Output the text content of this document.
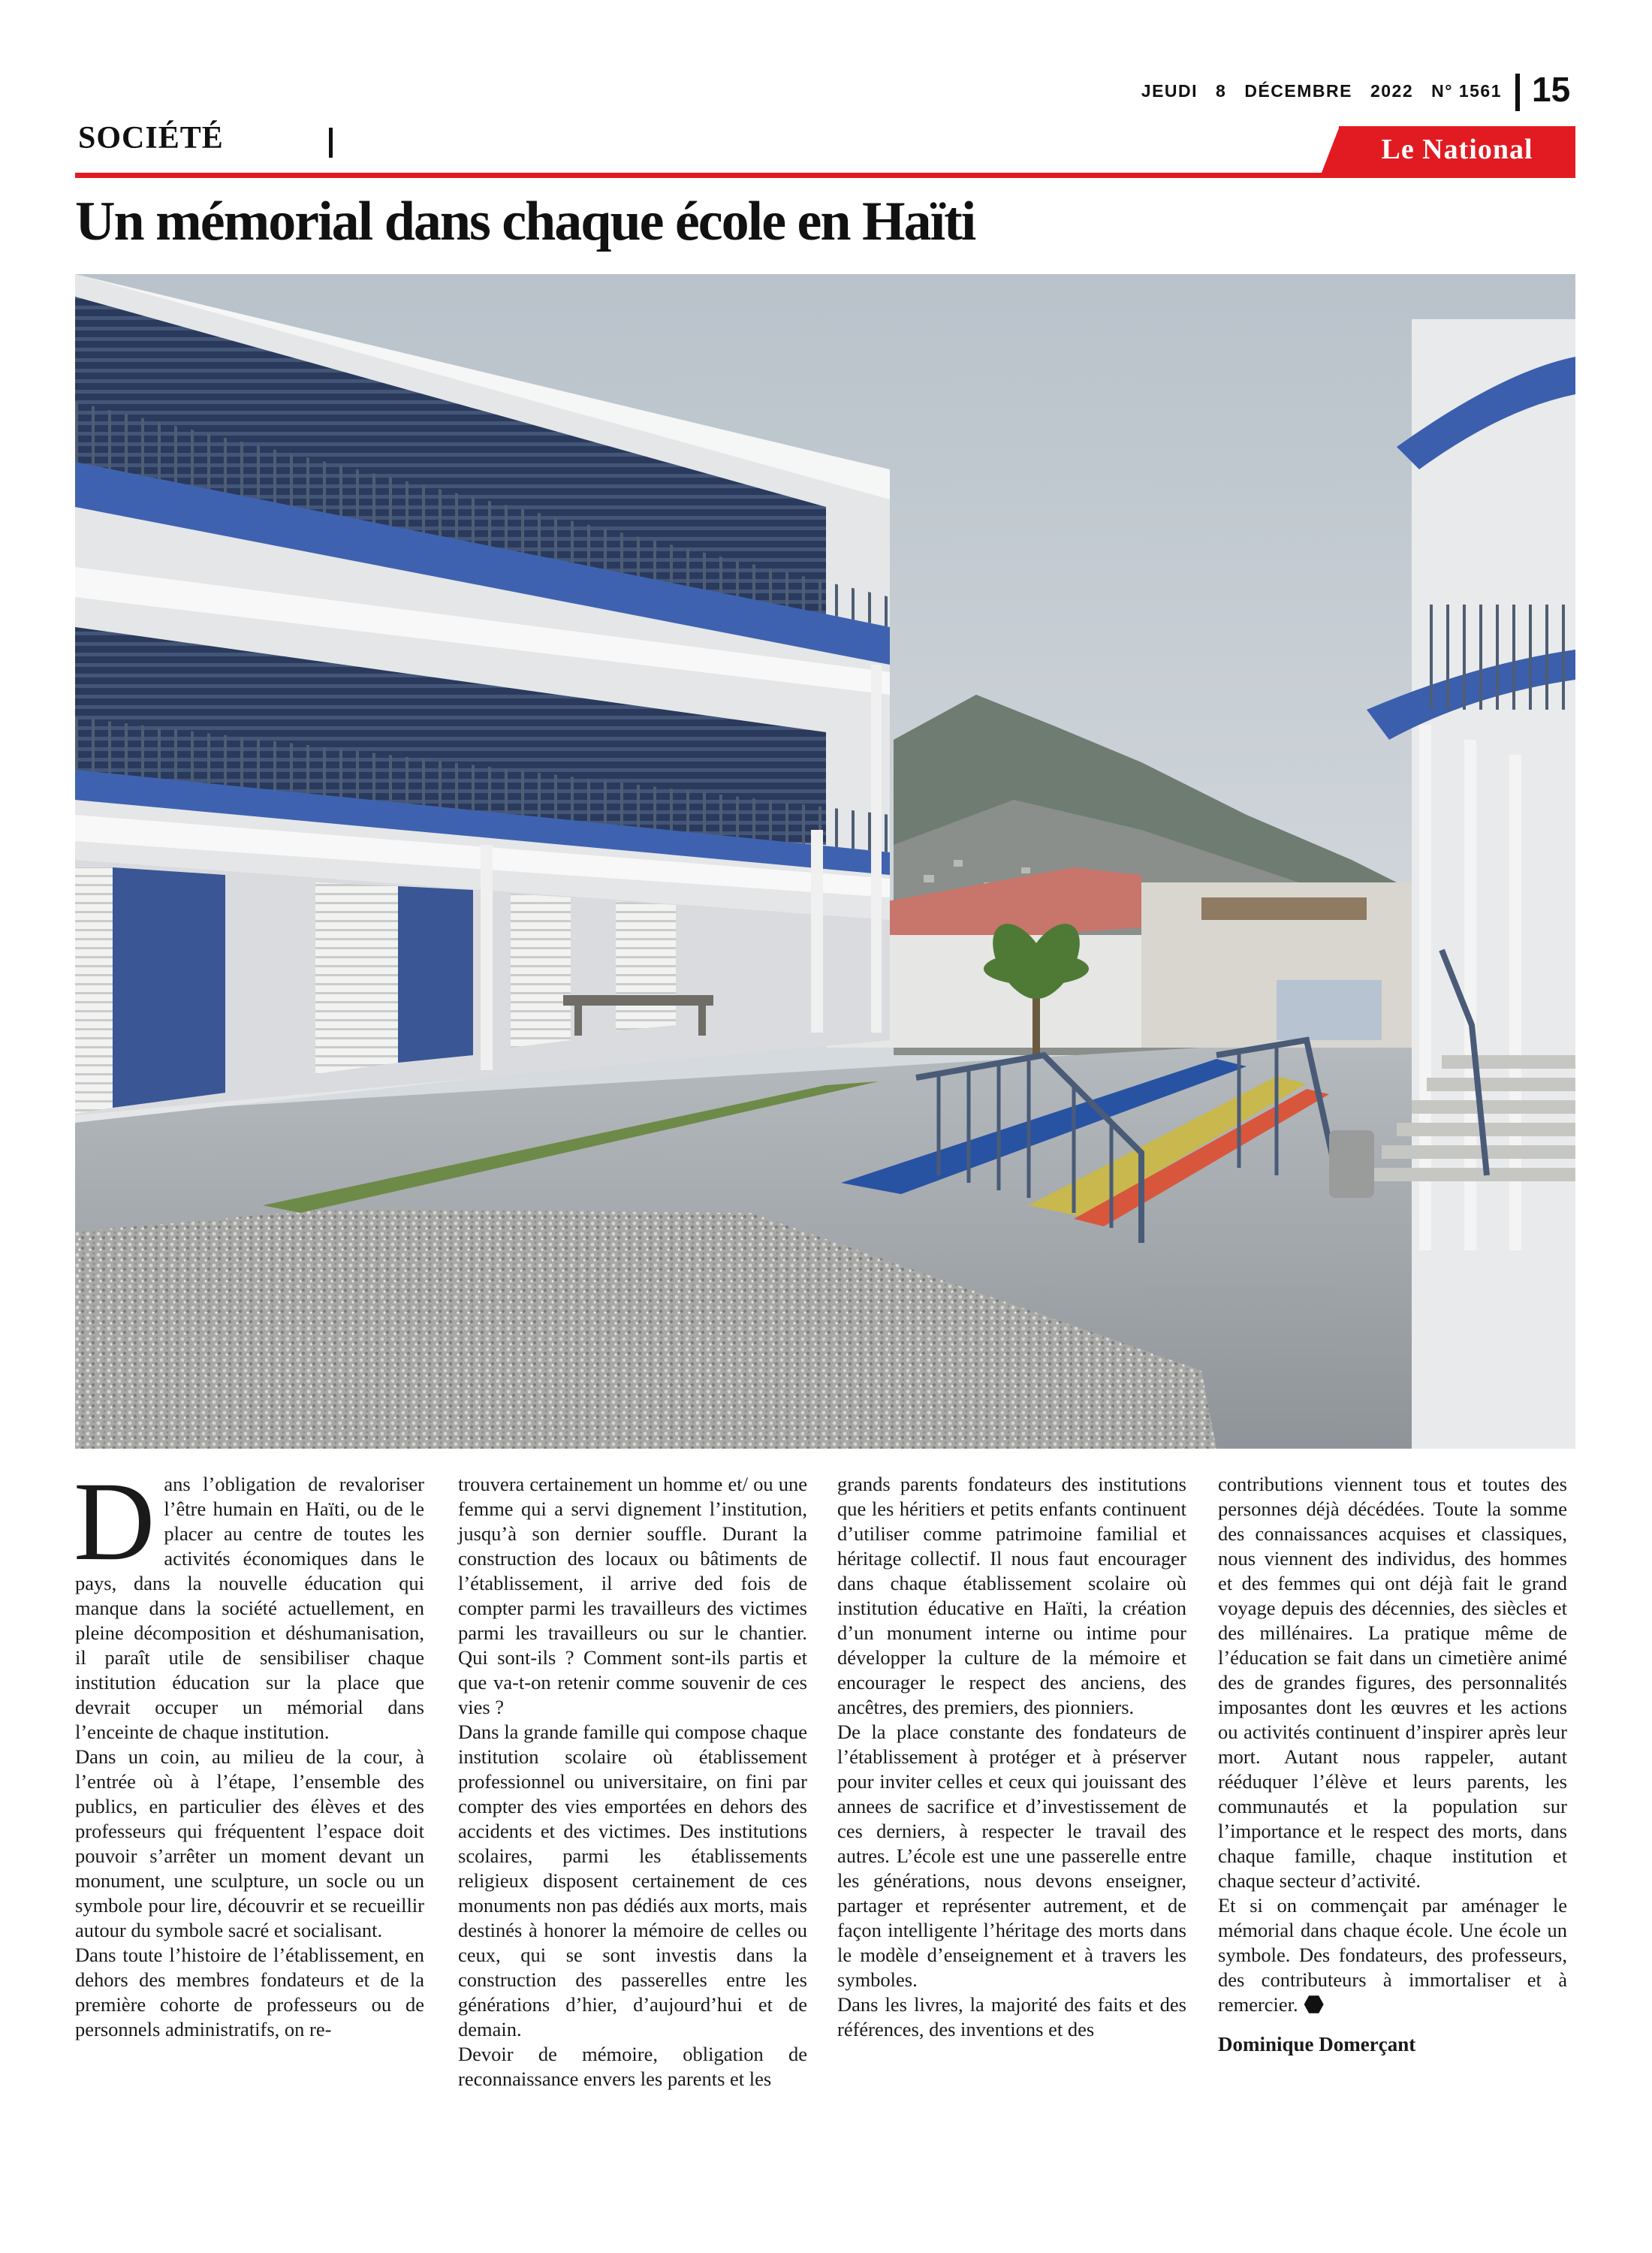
JEUDI 8 DÉCEMBRE 2022 N° 1561 15
SOCIÉTÉ	Le National
Un mémorial dans chaque école en Haïti

Dans l’obligation de revaloriser l’être humain en Haïti, ou de le placer au centre de toutes les activités économiques dans le pays, dans la nouvelle éducation qui manque dans la société actuellement, en pleine décomposition et déshumanisation, il paraît utile de sensibiliser chaque institution éducation sur la place que devrait occuper un mémorial dans l’enceinte de chaque institution.

Dans un coin, au milieu de la cour, à l’entrée où à l’étape, l’ensemble des publics, en particulier des élèves et des professeurs qui fréquentent l’espace doit pouvoir s’arrêter un moment devant un monument, une sculpture, un socle ou un symbole pour lire, découvrir et se recueillir autour du symbole sacré et socialisant.

Dans toute l’histoire de l’établissement, en dehors des membres fondateurs et de la première cohorte de professeurs ou de personnels administratifs, on re-

trouvera certainement un homme et/ ou une femme qui a servi dignement l’institution, jusqu’à son dernier souffle. Durant la construction des locaux ou bâtiments de l’établissement, il arrive ded fois de compter parmi les travailleurs des victimes parmi les travailleurs ou sur le chantier. Qui sont-ils ? Comment sont-ils partis et que va-t-on retenir comme souvenir de ces vies ?

Dans la grande famille qui compose chaque institution scolaire où établissement professionnel ou universitaire, on fini par compter des vies emportées en dehors des accidents et des victimes. Des institutions scolaires, parmi les établissements religieux disposent certainement de ces monuments non pas dédiés aux morts, mais destinés à honorer la mémoire de celles ou ceux, qui se sont investis dans la construction des passerelles entre les générations d’hier, d’aujourd’hui et de demain.

Devoir de mémoire, obligation de reconnaissance envers les parents et les

grands parents fondateurs des institutions que les héritiers et petits enfants continuent d’utiliser comme patrimoine familial et héritage collectif. Il nous faut encourager dans chaque établissement scolaire où institution éducative en Haïti, la création d’un monument interne ou intime pour développer la culture de la mémoire et encourager le respect des anciens, des ancêtres, des premiers, des pionniers.

De la place constante des fondateurs de l’établissement à protéger et à préserver pour inviter celles et ceux qui jouissant des annees de sacrifice et d’investissement de ces derniers, à respecter le travail des autres. L’école est une une passerelle entre les générations, nous devons enseigner, partager et représenter autrement, et de façon intelligente l’héritage des morts dans le modèle d’enseignement et à travers les symboles.

Dans les livres, la majorité des faits et des références, des inventions et des

contributions viennent tous et toutes des personnes déjà décédées. Toute la somme des connaissances acquises et classiques, nous viennent des individus, des hommes et des femmes qui ont déjà fait le grand voyage depuis des décennies, des siècles et des millénaires. La pratique même de l’éducation se fait dans un cimetière animé des de grandes figures, des personnalités imposantes dont les œuvres et les actions ou activités continuent d’inspirer après leur mort. Autant nous rappeler, autant rééduquer l’élève et leurs parents, les communautés et la population sur l’importance et le respect des morts, dans chaque famille, chaque institution et chaque secteur d’activité.

Et si on commençait par aménager le mémorial dans chaque école. Une école un symbole. Des fondateurs, des professeurs, des contributeurs à immortaliser et à remercier.

Dominique Domerçant
